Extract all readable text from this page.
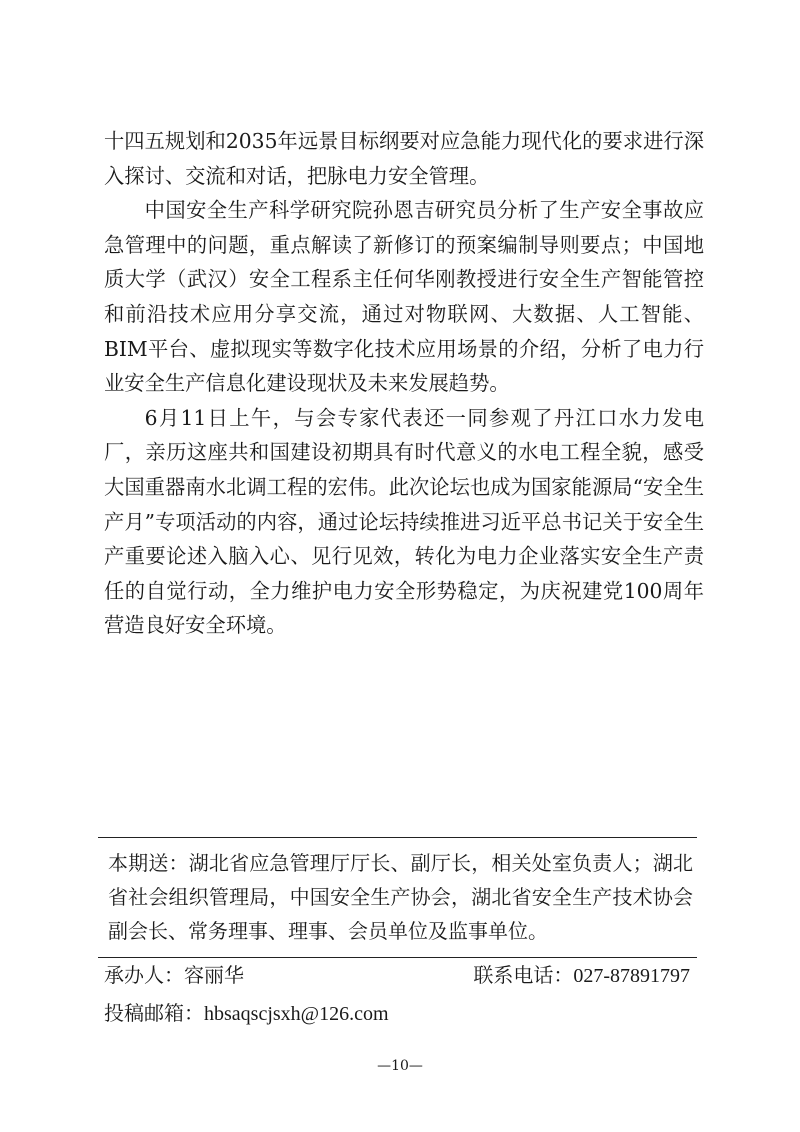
十四五规划和2035年远景目标纲要对应急能力现代化的要求进行深入探讨、交流和对话，把脉电力安全管理。

中国安全生产科学研究院孙恩吉研究员分析了生产安全事故应急管理中的问题，重点解读了新修订的预案编制导则要点；中国地质大学（武汉）安全工程系主任何华刚教授进行安全生产智能管控和前沿技术应用分享交流，通过对物联网、大数据、人工智能、BIM平台、虚拟现实等数字化技术应用场景的介绍，分析了电力行业安全生产信息化建设现状及未来发展趋势。

6月11日上午，与会专家代表还一同参观了丹江口水力发电厂，亲历这座共和国建设初期具有时代意义的水电工程全貌，感受大国重器南水北调工程的宏伟。此次论坛也成为国家能源局“安全生产月”专项活动的内容，通过论坛持续推进习近平总书记关于安全生产重要论述入脑入心、见行见效，转化为电力企业落实安全生产责任的自觉行动，全力维护电力安全形势稳定，为庆祝建党100周年营造良好安全环境。

本期送：湖北省应急管理厅厅长、副厅长，相关处室负责人；湖北省社会组织管理局，中国安全生产协会，湖北省安全生产技术协会副会长、常务理事、理事、会员单位及监事单位。

承办人：容丽华	联系电话：027-87891797
投稿邮箱：hbsaqscjsxh@126.com
—10—
